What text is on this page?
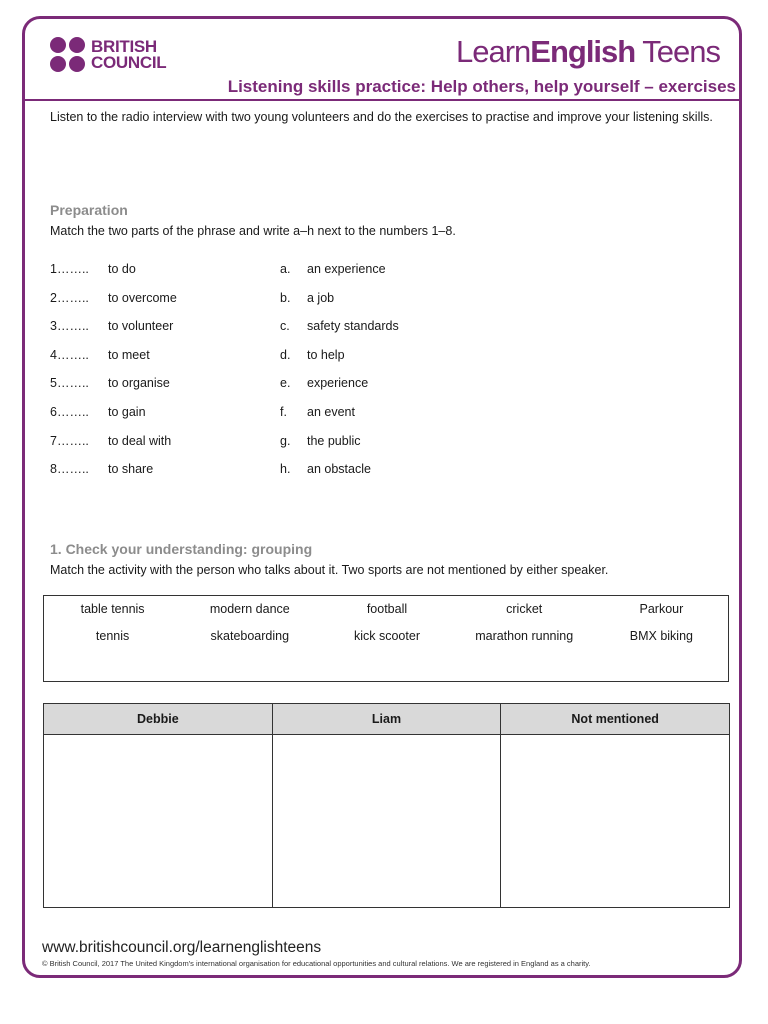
BRITISH
COUNCIL	LearnEnglish Teens
Listening skills practice: Help others, help yourself – exercises
Listen to the radio interview with two young volunteers and do the exercises to practise and improve your listening skills.
Preparation
Match the two parts of the phrase and write a–h next to the numbers 1–8.
1…….. to do	a. an experience
2…….. to overcome	b. a job
3…….. to volunteer	c. safety standards
4…….. to meet	d. to help
5…….. to organise	e. experience
6…….. to gain	f. an event
7…….. to deal with	g. the public
8…….. to share	h. an obstacle
1. Check your understanding: grouping
Match the activity with the person who talks about it. Two sports are not mentioned by either speaker.
table tennis	modern dance	football	cricket	Parkour
tennis	skateboarding	kick scooter	marathon running	BMX biking
Debbie	Liam	Not mentioned

www.britishcouncil.org/learnenglishteens
© British Council, 2017 The United Kingdom's international organisation for educational opportunities and cultural relations. We are registered in England as a charity.
